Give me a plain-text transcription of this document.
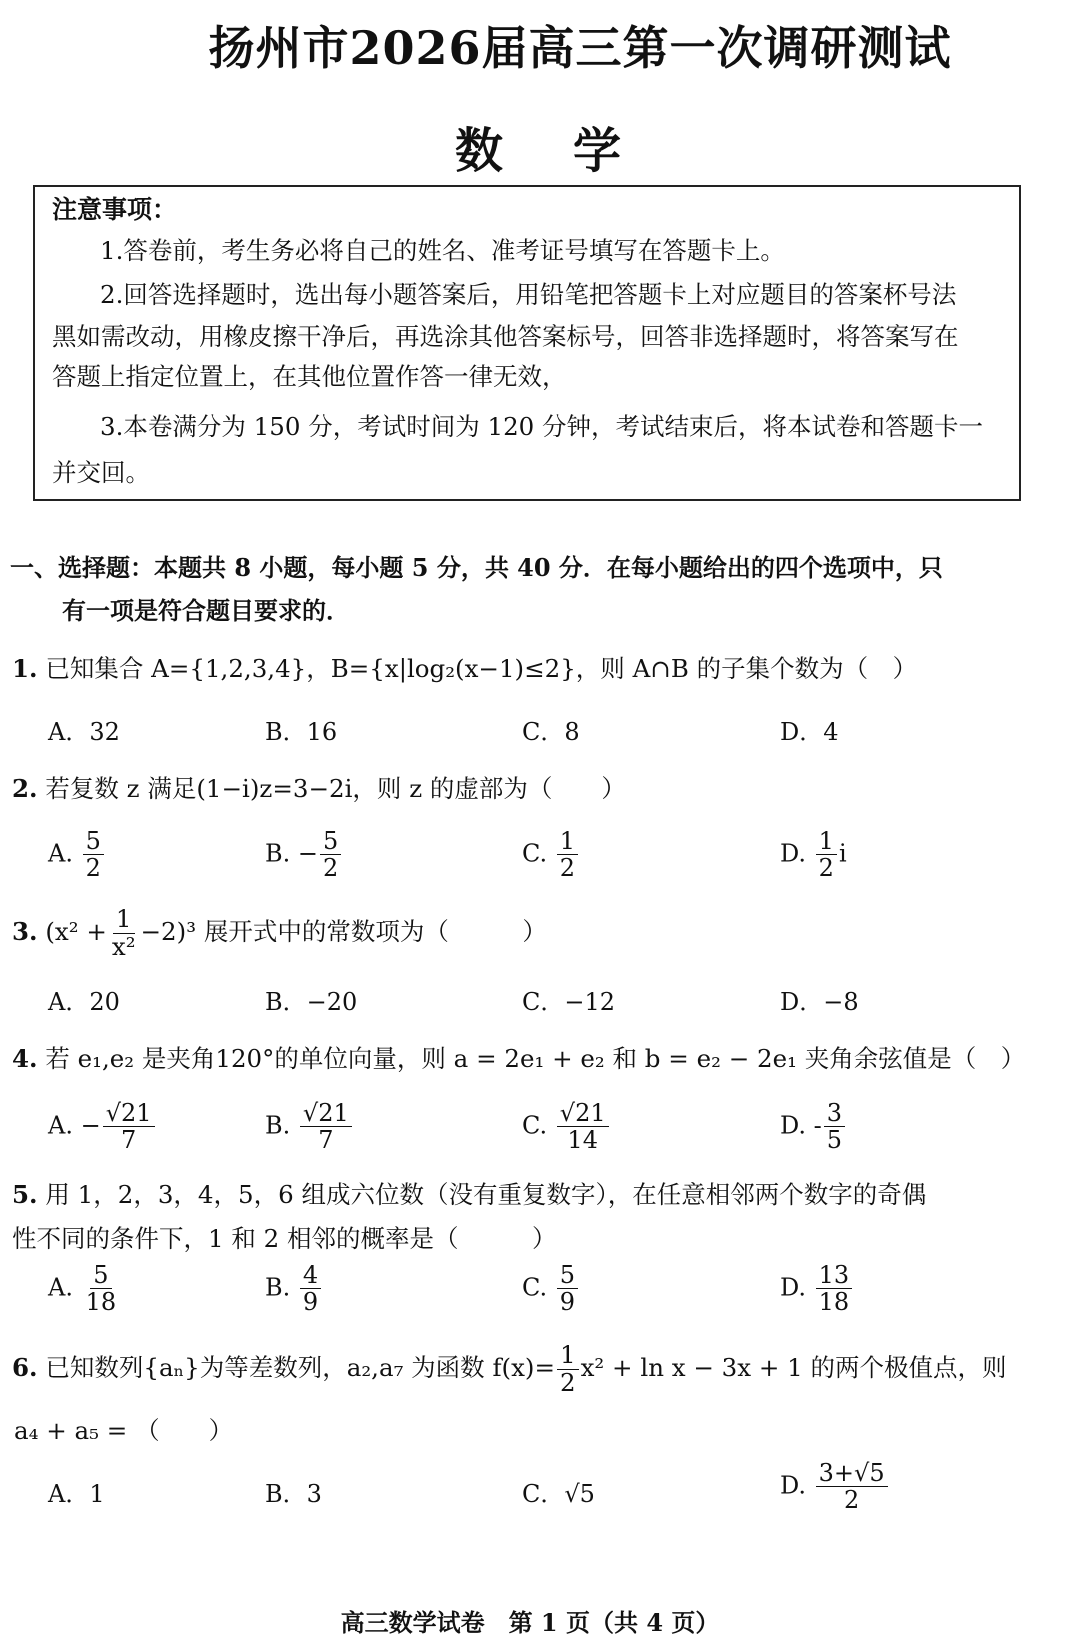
扬州市2026届高三第一次调研测试
数学
注意事项：
1.答卷前，考生务必将自己的姓名、准考证号填写在答题卡上。
2.回答选择题时，选出每小题答案后，用铅笔把答题卡上对应题目的答案杯号法
黑如需改动，用橡皮擦干净后，再选涂其他答案标号，回答非选择题时，将答案写在
答题上指定位置上，在其他位置作答一律无效，
3.本卷满分为 150 分，考试时间为 120 分钟，考试结束后，将本试卷和答题卡一
并交回。
一、选择题：本题共 8 小题，每小题 5 分，共 40 分．在每小题给出的四个选项中，只
有一项是符合题目要求的．
1. 已知集合 A={1,2,3,4}，B={x|log₂(x−1)≤2}，则 A∩B 的子集个数为（　）
A．32	B．16	C．8	D．4
2. 若复数 z 满足(1−i)z=3−2i，则 z 的虚部为（　　）
A. $\frac{5}{2}$	B. − $\frac{5}{2}$	C. $\frac{1}{2}$	D. $\frac{1}{2}$ i
3. $(x^2 + \frac{1}{\text{x²}} -2)^3$ 展开式中的常数项为（　　　）
A．20	B．−20	C．−12	D．−8
4. 若 e₁,e₂ 是夹角120°的单位向量，则 a = 2e₁ + e₂ 和 b = e₂ − 2e₁ 夹角余弦值是（　）
A. − $\frac{√21}{7}$	B. $\frac{√21}{7}$	C. $\frac{√21}{14}$	D. - $\frac{3}{5}$
5. 用 1，2，3，4，5，6 组成六位数（没有重复数字），在任意相邻两个数字的奇偶
性不同的条件下，1 和 2 相邻的概率是（　　　）
A. $\frac{5}{18}$	B. $\frac{4}{9}$	C. $\frac{5}{9}$	D. $\frac{13}{18}$
6. 已知数列{aₙ}为等差数列，a₂,a₇ 为函数 $f(x)= \frac{1}{2} x^2 + \ln x - 3x + 1$ 的两个极值点，则
a₄ + a₅ = （　　）
A．1	B．3	C．√5	D. $\frac{3+√5}{2}$
高三数学试卷　第 1 页（共 4 页）
